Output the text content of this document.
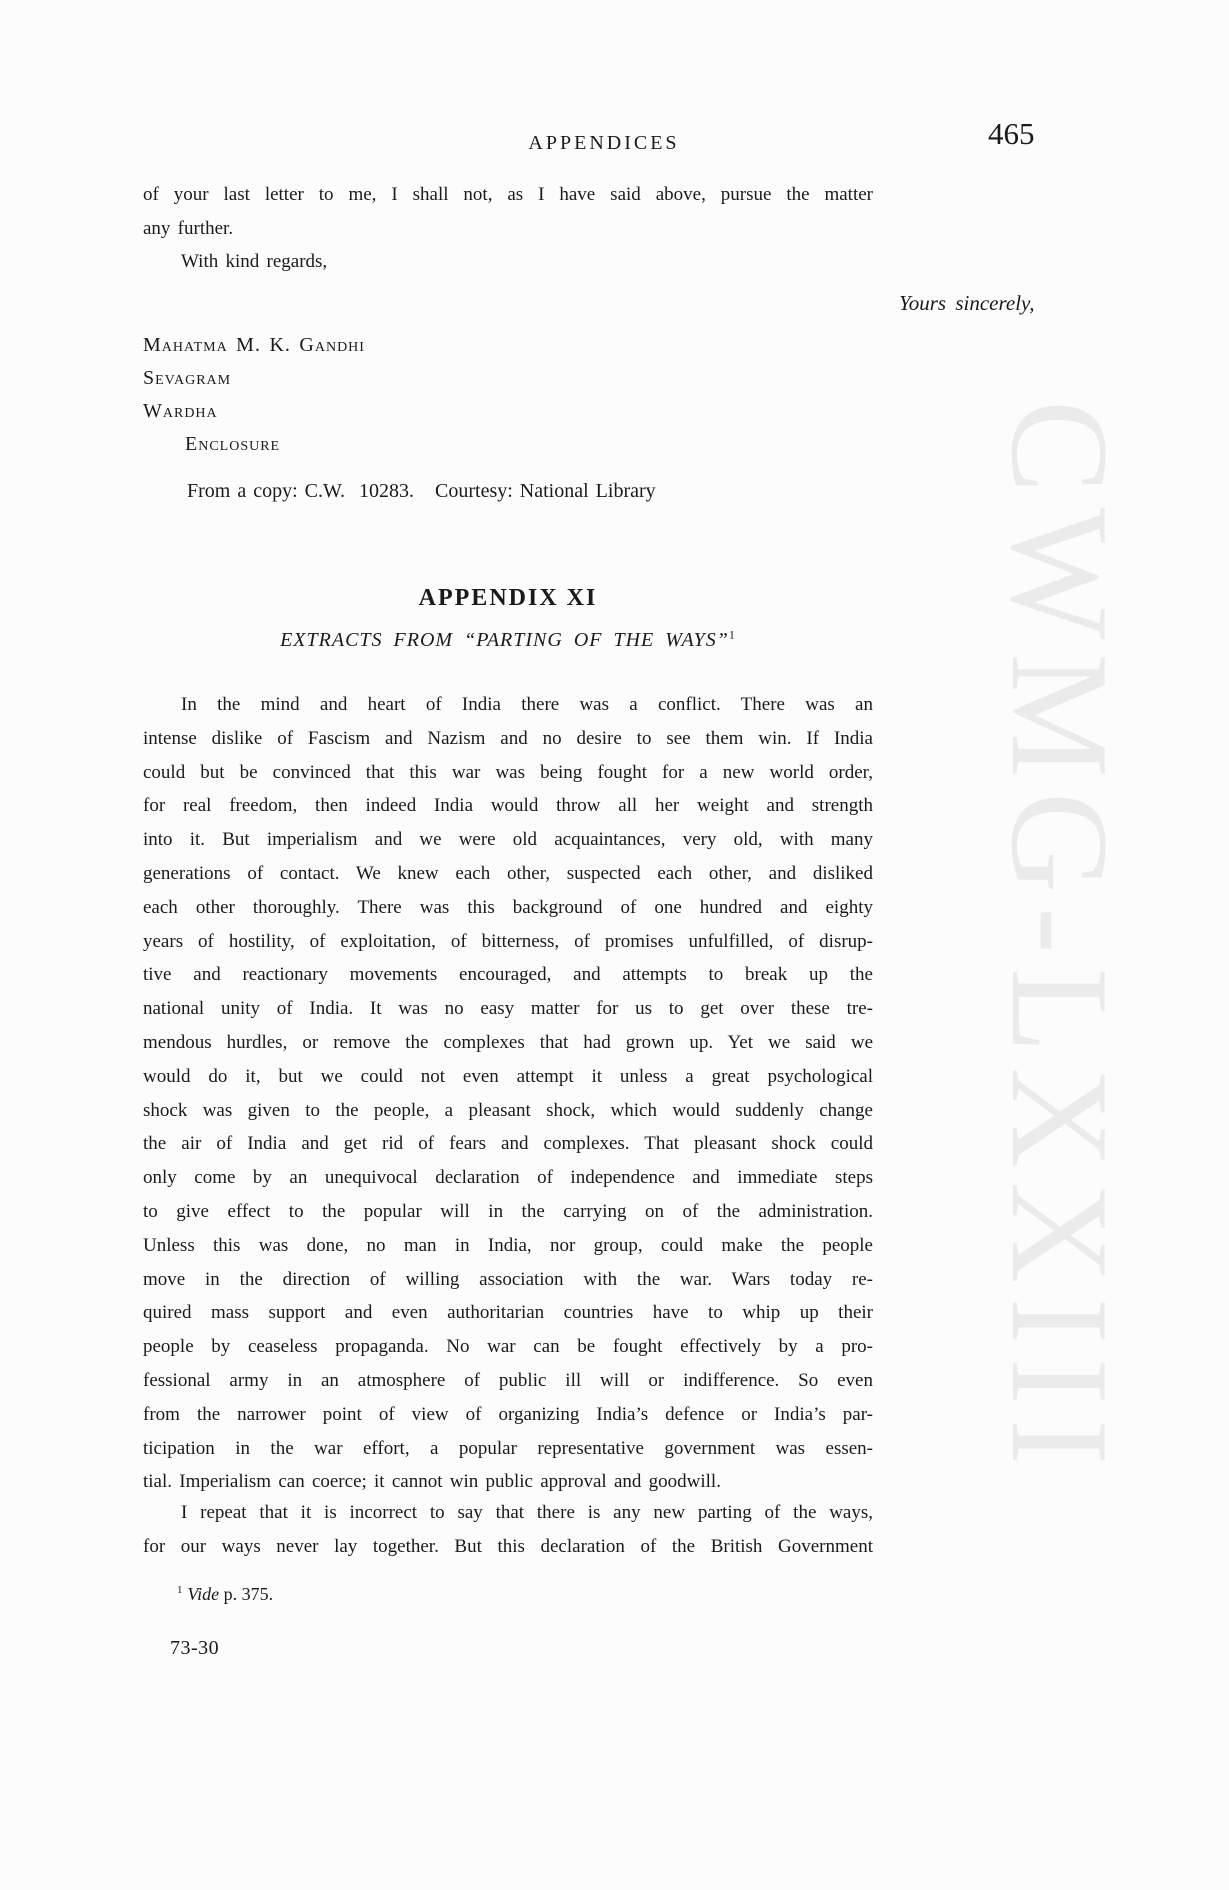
CWMG-LXXIII
APPENDICES	465
of your last letter to me, I shall not, as I have said above, pursue the matter
any further.
With kind regards,
Yours sincerely,
Mahatma M. K. Gandhi
Sevagram
Wardha
Enclosure
From a copy: C.W.  10283.   Courtesy: National Library
APPENDIX XI
EXTRACTS FROM “PARTING OF THE WAYS”$^1$
In the mind and heart of India there was a conflict. There was an
intense dislike of Fascism and Nazism and no desire to see them win. If India
could but be convinced that this war was being fought for a new world order,
for real freedom, then indeed India would throw all her weight and strength
into it. But imperialism and we were old acquaintances, very old, with many
generations of contact. We knew each other, suspected each other, and disliked
each other thoroughly. There was this background of one hundred and eighty
years of hostility, of exploitation, of bitterness, of promises unfulfilled, of disrup-
tive and reactionary movements encouraged, and attempts to break up the
national unity of India. It was no easy matter for us to get over these tre-
mendous hurdles, or remove the complexes that had grown up. Yet we said we
would do it, but we could not even attempt it unless a great psychological
shock was given to the people, a pleasant shock, which would suddenly change
the air of India and get rid of fears and complexes. That pleasant shock could
only come by an unequivocal declaration of independence and immediate steps
to give effect to the popular will in the carrying on of the administration.
Unless this was done, no man in India, nor group, could make the people
move in the direction of willing association with the war. Wars today re-
quired mass support and even authoritarian countries have to whip up their
people by ceaseless propaganda. No war can be fought effectively by a pro-
fessional army in an atmosphere of public ill will or indifference. So even
from the narrower point of view of organizing India’s defence or India’s par-
ticipation in the war effort, a popular representative government was essen-
tial. Imperialism can coerce; it cannot win public approval and goodwill.
I repeat that it is incorrect to say that there is any new parting of the ways,
for our ways never lay together. But this declaration of the British Government
$^1$ Vide p. 375.
73-30
